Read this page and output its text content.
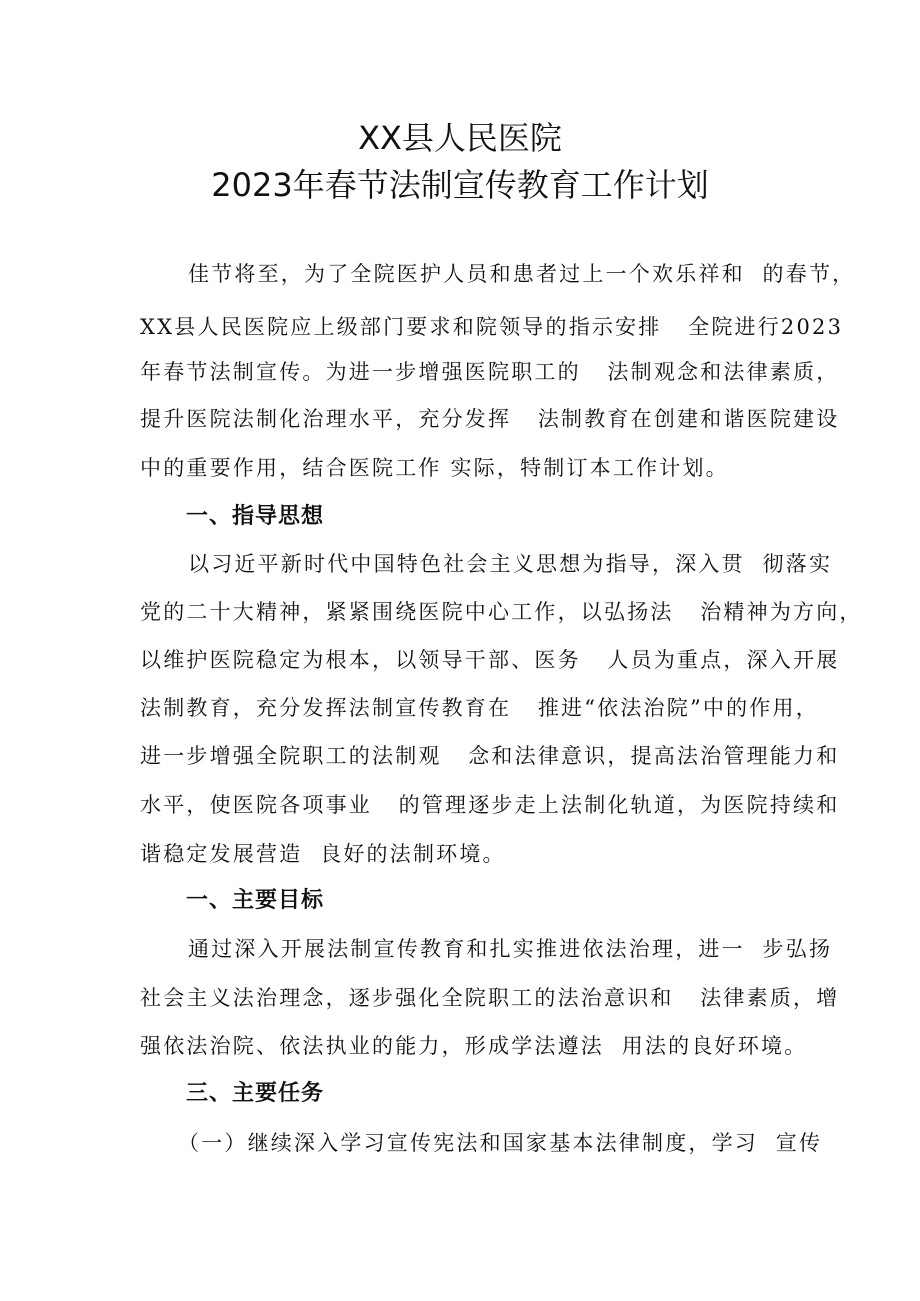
XX县人民医院
2023年春节法制宣传教育工作计划
佳节将至，为了全院医护人员和患者过上一个欢乐祥和  的春节，
XX县人民医院应上级部门要求和院领导的指示安排   全院进行2023
年春节法制宣传。为进一步增强医院职工的   法制观念和法律素质，
提升医院法制化治理水平，充分发挥   法制教育在创建和谐医院建设
中的重要作用，结合医院工作 实际，特制订本工作计划。
一、指导思想
以习近平新时代中国特色社会主义思想为指导，深入贯  彻落实
党的二十大精神，紧紧围绕医院中心工作，以弘扬法   治精神为方向，
以维护医院稳定为根本，以领导干部、医务   人员为重点，深入开展
法制教育，充分发挥法制宣传教育在   推进“依法治院”中的作用，
进一步增强全院职工的法制观   念和法律意识，提高法治管理能力和
水平，使医院各项事业   的管理逐步走上法制化轨道，为医院持续和
谐稳定发展营造  良好的法制环境。
一、主要目标
通过深入开展法制宣传教育和扎实推进依法治理，进一  步弘扬
社会主义法治理念，逐步强化全院职工的法治意识和   法律素质，增
强依法治院、依法执业的能力，形成学法遵法  用法的良好环境。
三、主要任务
（一）继续深入学习宣传宪法和国家基本法律制度，学习  宣传
